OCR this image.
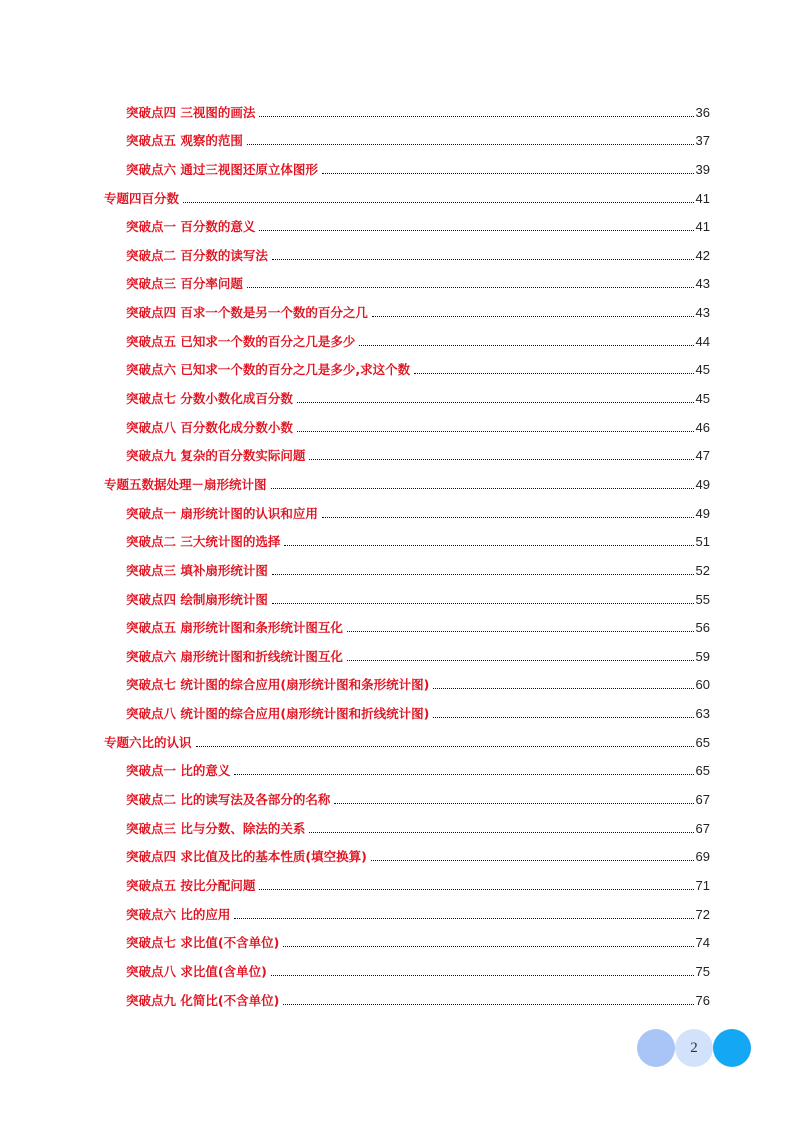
突破点四 三视图的画法	36
突破点五 观察的范围	37
突破点六 通过三视图还原立体图形	39
专题四百分数	41
突破点一 百分数的意义	41
突破点二 百分数的读写法	42
突破点三 百分率问题	43
突破点四 百求一个数是另一个数的百分之几	43
突破点五 已知求一个数的百分之几是多少	44
突破点六 已知求一个数的百分之几是多少,求这个数	45
突破点七 分数小数化成百分数	45
突破点八 百分数化成分数小数	46
突破点九 复杂的百分数实际问题	47
专题五数据处理－扇形统计图	49
突破点一 扇形统计图的认识和应用	49
突破点二 三大统计图的选择	51
突破点三 填补扇形统计图	52
突破点四 绘制扇形统计图	55
突破点五 扇形统计图和条形统计图互化	56
突破点六 扇形统计图和折线统计图互化	59
突破点七 统计图的综合应用(扇形统计图和条形统计图)	60
突破点八 统计图的综合应用(扇形统计图和折线统计图)	63
专题六比的认识	65
突破点一 比的意义	65
突破点二 比的读写法及各部分的名称	67
突破点三 比与分数、除法的关系	67
突破点四 求比值及比的基本性质(填空换算)	69
突破点五 按比分配问题	71
突破点六 比的应用	72
突破点七 求比值(不含单位)	74
突破点八 求比值(含单位)	75
突破点九 化简比(不含单位)	76
2
